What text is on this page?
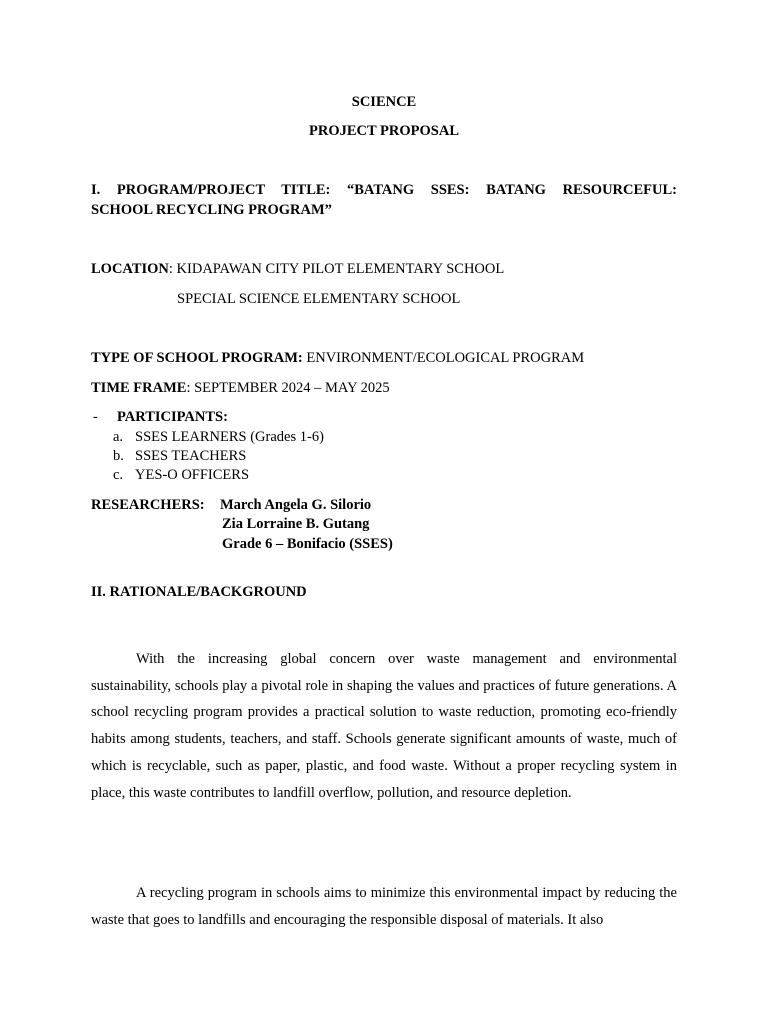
SCIENCE
PROJECT PROPOSAL
I. PROGRAM/PROJECT TITLE: “BATANG SSES: BATANG RESOURCEFUL:
SCHOOL RECYCLING PROGRAM”
LOCATION: KIDAPAWAN CITY PILOT ELEMENTARY SCHOOL
SPECIAL SCIENCE ELEMENTARY SCHOOL
TYPE OF SCHOOL PROGRAM: ENVIRONMENT/ECOLOGICAL PROGRAM
TIME FRAME: SEPTEMBER 2024 – MAY 2025
- PARTICIPANTS:
a. SSES LEARNERS (Grades 1-6)
b. SSES TEACHERS
c. YES-O OFFICERS
RESEARCHERS: March Angela G. Silorio
Zia Lorraine B. Gutang
Grade 6 – Bonifacio (SSES)
II. RATIONALE/BACKGROUND
With the increasing global concern over waste management and environmental sustainability, schools play a pivotal role in shaping the values and practices of future generations. A school recycling program provides a practical solution to waste reduction, promoting eco-friendly habits among students, teachers, and staff. Schools generate significant amounts of waste, much of which is recyclable, such as paper, plastic, and food waste. Without a proper recycling system in place, this waste contributes to landfill overflow, pollution, and resource depletion.
A recycling program in schools aims to minimize this environmental impact by reducing the waste that goes to landfills and encouraging the responsible disposal of materials. It also
